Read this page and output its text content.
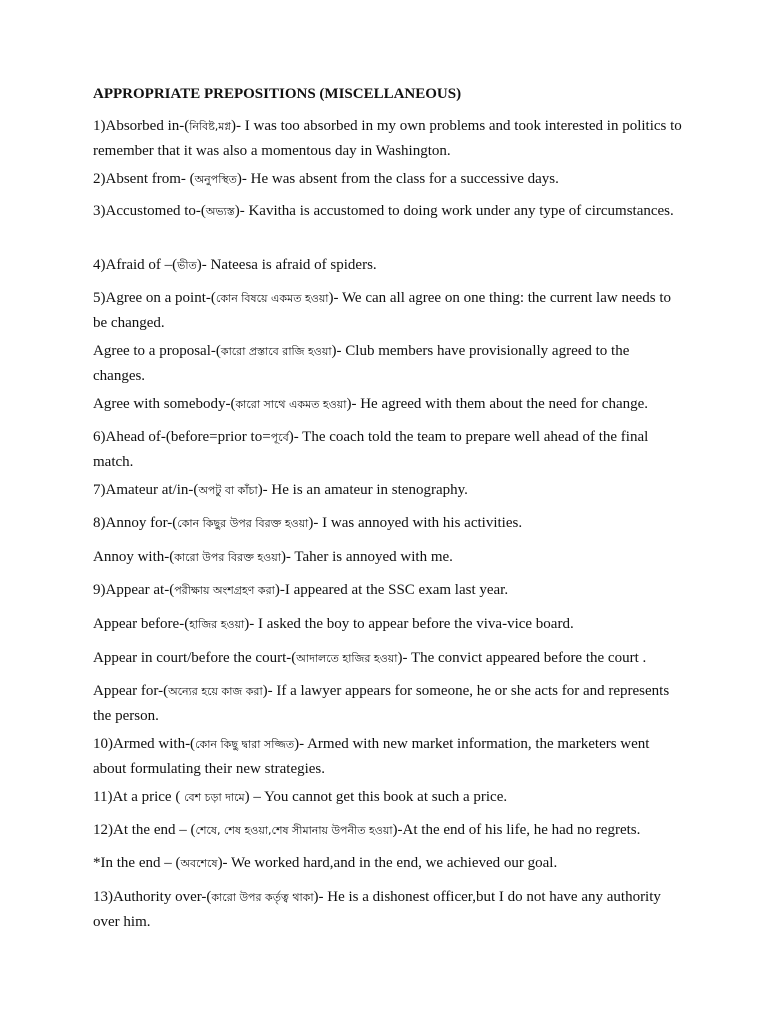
APPROPRIATE PREPOSITIONS (MISCELLANEOUS)
1)Absorbed in-(নিবিষ্ট,মগ্ন)- I was too absorbed in my own problems and took interested in politics to remember that it was also a momentous day in Washington.
2)Absent from- (অনুপস্থিত)- He was absent from the class for a successive days.
3)Accustomed to-(অভ্যস্ত)- Kavitha is accustomed to doing work under any type of circumstances.
4)Afraid of –(ভীত)- Nateesa is afraid of spiders.
5)Agree on a point-(কোন বিষয়ে একমত হওয়া)- We can all agree on one thing: the current law needs to be changed.
Agree to a proposal-(কারো প্রস্তাবে রাজি হওয়া)- Club members have provisionally agreed to the changes.
Agree with somebody-(কারো সাথে একমত হওয়া)- He agreed with them about the need for change.
6)Ahead of-(before=prior to=পূর্বে)- The coach told the team to prepare well ahead of the final match.
7)Amateur at/in-(অপটু বা কাঁচা)- He is an amateur in stenography.
8)Annoy for-(কোন কিছুর উপর বিরক্ত হওয়া)- I was annoyed with his activities.
Annoy with-(কারো উপর বিরক্ত হওয়া)- Taher is annoyed with me.
9)Appear at-(পরীক্ষায় অংশগ্রহণ করা)-I appeared at the SSC exam last year.
Appear before-(হাজির হওয়া)- I asked the boy to appear before the viva-vice board.
Appear in court/before the court-(আদালতে হাজির হওয়া)- The convict appeared before the court .
Appear for-(অন্যের হয়ে কাজ করা)- If a lawyer appears for someone, he or she acts for and represents the person.
10)Armed with-(কোন কিছু দ্বারা সজ্জিত)- Armed with new market information, the marketers went about formulating their new strategies.
11)At a price ( বেশ চড়া দামে) – You cannot get this book at such a price.
12)At the end – (শেষে, শেষ হওয়া,শেষ সীমানায় উপনীত হওয়া)-At the end of his life, he had no regrets.
*In the end – (অবশেষে)- We worked hard,and in the end, we achieved our goal.
13)Authority over-(কারো উপর কর্তৃত্ব থাকা)- He is a dishonest officer,but I do not have any authority over him.
